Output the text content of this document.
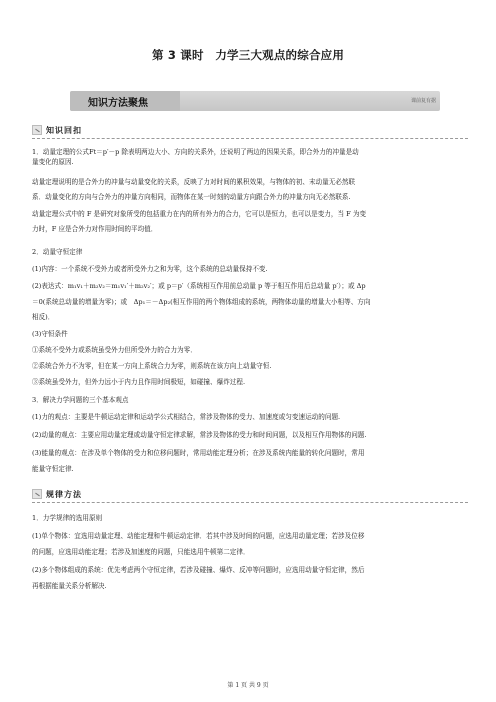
第 3 课时　力学三大观点的综合应用
知识方法聚焦	课前复有据
知识回扣
1．动量定理的公式Ft＝p′－p 除表明两边大小、方向的关系外，还说明了两边的因果关系，即合外力的冲量是动
量变化的原因.
动量定理说明的是合外力的冲量与动量变化的关系，反映了力对时间的累积效果，与物体的初、末动量无必然联
系．动量变化的方向与合外力的冲量方向相同，而物体在某一时刻的动量方向跟合外力的冲量方向无必然联系.
动量定理公式中的 F 是研究对象所受的包括重力在内的所有外力的合力，它可以是恒力，也可以是变力，当 F 为变
力时，F 应是合外力对作用时间的平均值．
2．动量守恒定律
(1)内容：一个系统不受外力或者所受外力之和为零，这个系统的总动量保持不变.
(2)表达式：m₁v₁＋m₂v₂＝m₁v₁′＋m₂v₂′；或 p＝p′（系统相互作用前总动量 p 等于相互作用后总动量 p′）；或 Δp
＝0(系统总动量的增量为零)；或　Δp₁＝－Δp₂(相互作用的两个物体组成的系统，两物体动量的增量大小相等、方向
相反)．
(3)守恒条件
①系统不受外力或系统虽受外力但所受外力的合力为零．
②系统合外力不为零，但在某一方向上系统合力为零，则系统在该方向上动量守恒.
③系统虽受外力，但外力远小于内力且作用时间极短，如碰撞、爆炸过程.
3．解决力学问题的三个基本观点
(1)力的观点：主要是牛顿运动定律和运动学公式相结合，常涉及物体的受力、加速度或匀变速运动的问题.
(2)动量的观点：主要应用动量定理或动量守恒定律求解，常涉及物体的受力和时间问题，以及相互作用物体的问题.
(3)能量的观点：在涉及单个物体的受力和位移问题时，常用动能定理分析；在涉及系统内能量的转化问题时，常用
能量守恒定律.
规律方法
1．力学规律的选用原则
(1)单个物体：宜选用动量定理、动能定理和牛顿运动定律．若其中涉及时间的问题，应选用动量定理；若涉及位移
的问题，应选用动能定理；若涉及加速度的问题，只能选用牛顿第二定律．
(2)多个物体组成的系统：优先考虑两个守恒定律，若涉及碰撞、爆炸、反冲等问题时，应选用动量守恒定律，然后
再根据能量关系分析解决.
第 1 页 共 9 页
